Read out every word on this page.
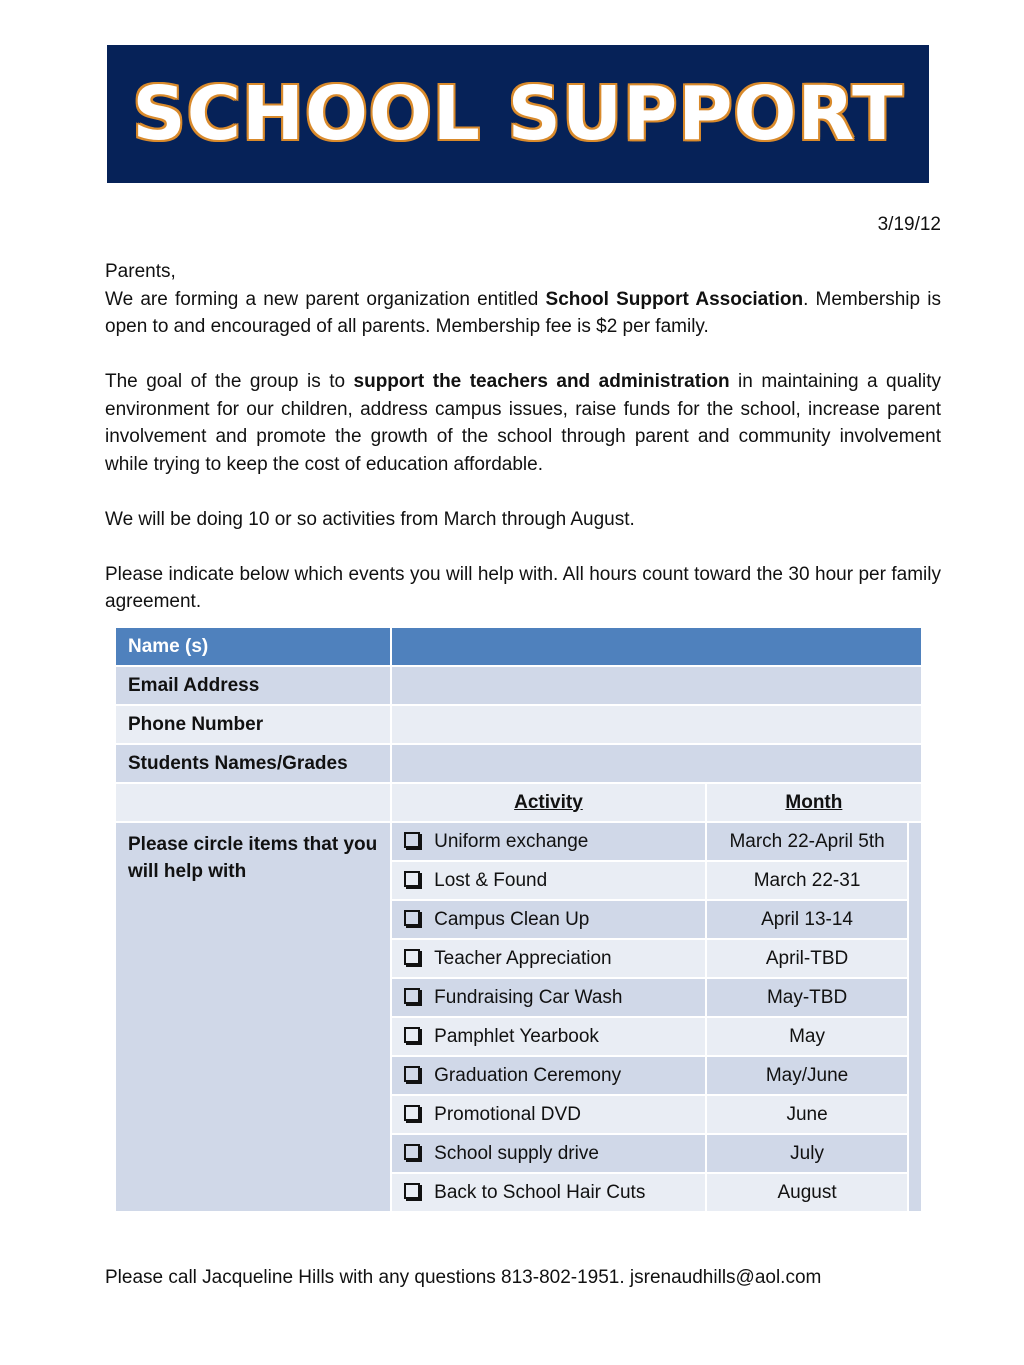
SCHOOL SUPPORT
3/19/12

Parents,

We are forming a new parent organization entitled School Support Association. Membership is open to and encouraged of all parents. Membership fee is $2 per family.

The goal of the group is to support the teachers and administration in maintaining a quality environment for our children, address campus issues, raise funds for the school, increase parent involvement and promote the growth of the school through parent and community involvement while trying to keep the cost of education affordable.

We will be doing 10 or so activities from March through August.

Please indicate below which events you will help with. All hours count toward the 30 hour per family agreement.

Name (s)			
Email Address			
Phone Number			
Students Names/Grades			
	Activity	Month	
Please circle items that you will help with	Uniform exchange	March 22-April 5th	
	Lost & Found	March 22-31	
	Campus Clean Up	April 13-14	
	Teacher Appreciation	April-TBD	
	Fundraising Car Wash	May-TBD	
	Pamphlet Yearbook	May	
	Graduation Ceremony	May/June	
	Promotional DVD	June	
	School supply drive	July	
	Back to School Hair Cuts	August	
Please call Jacqueline Hills with any questions 813-802-1951. jsrenaudhills@aol.com
